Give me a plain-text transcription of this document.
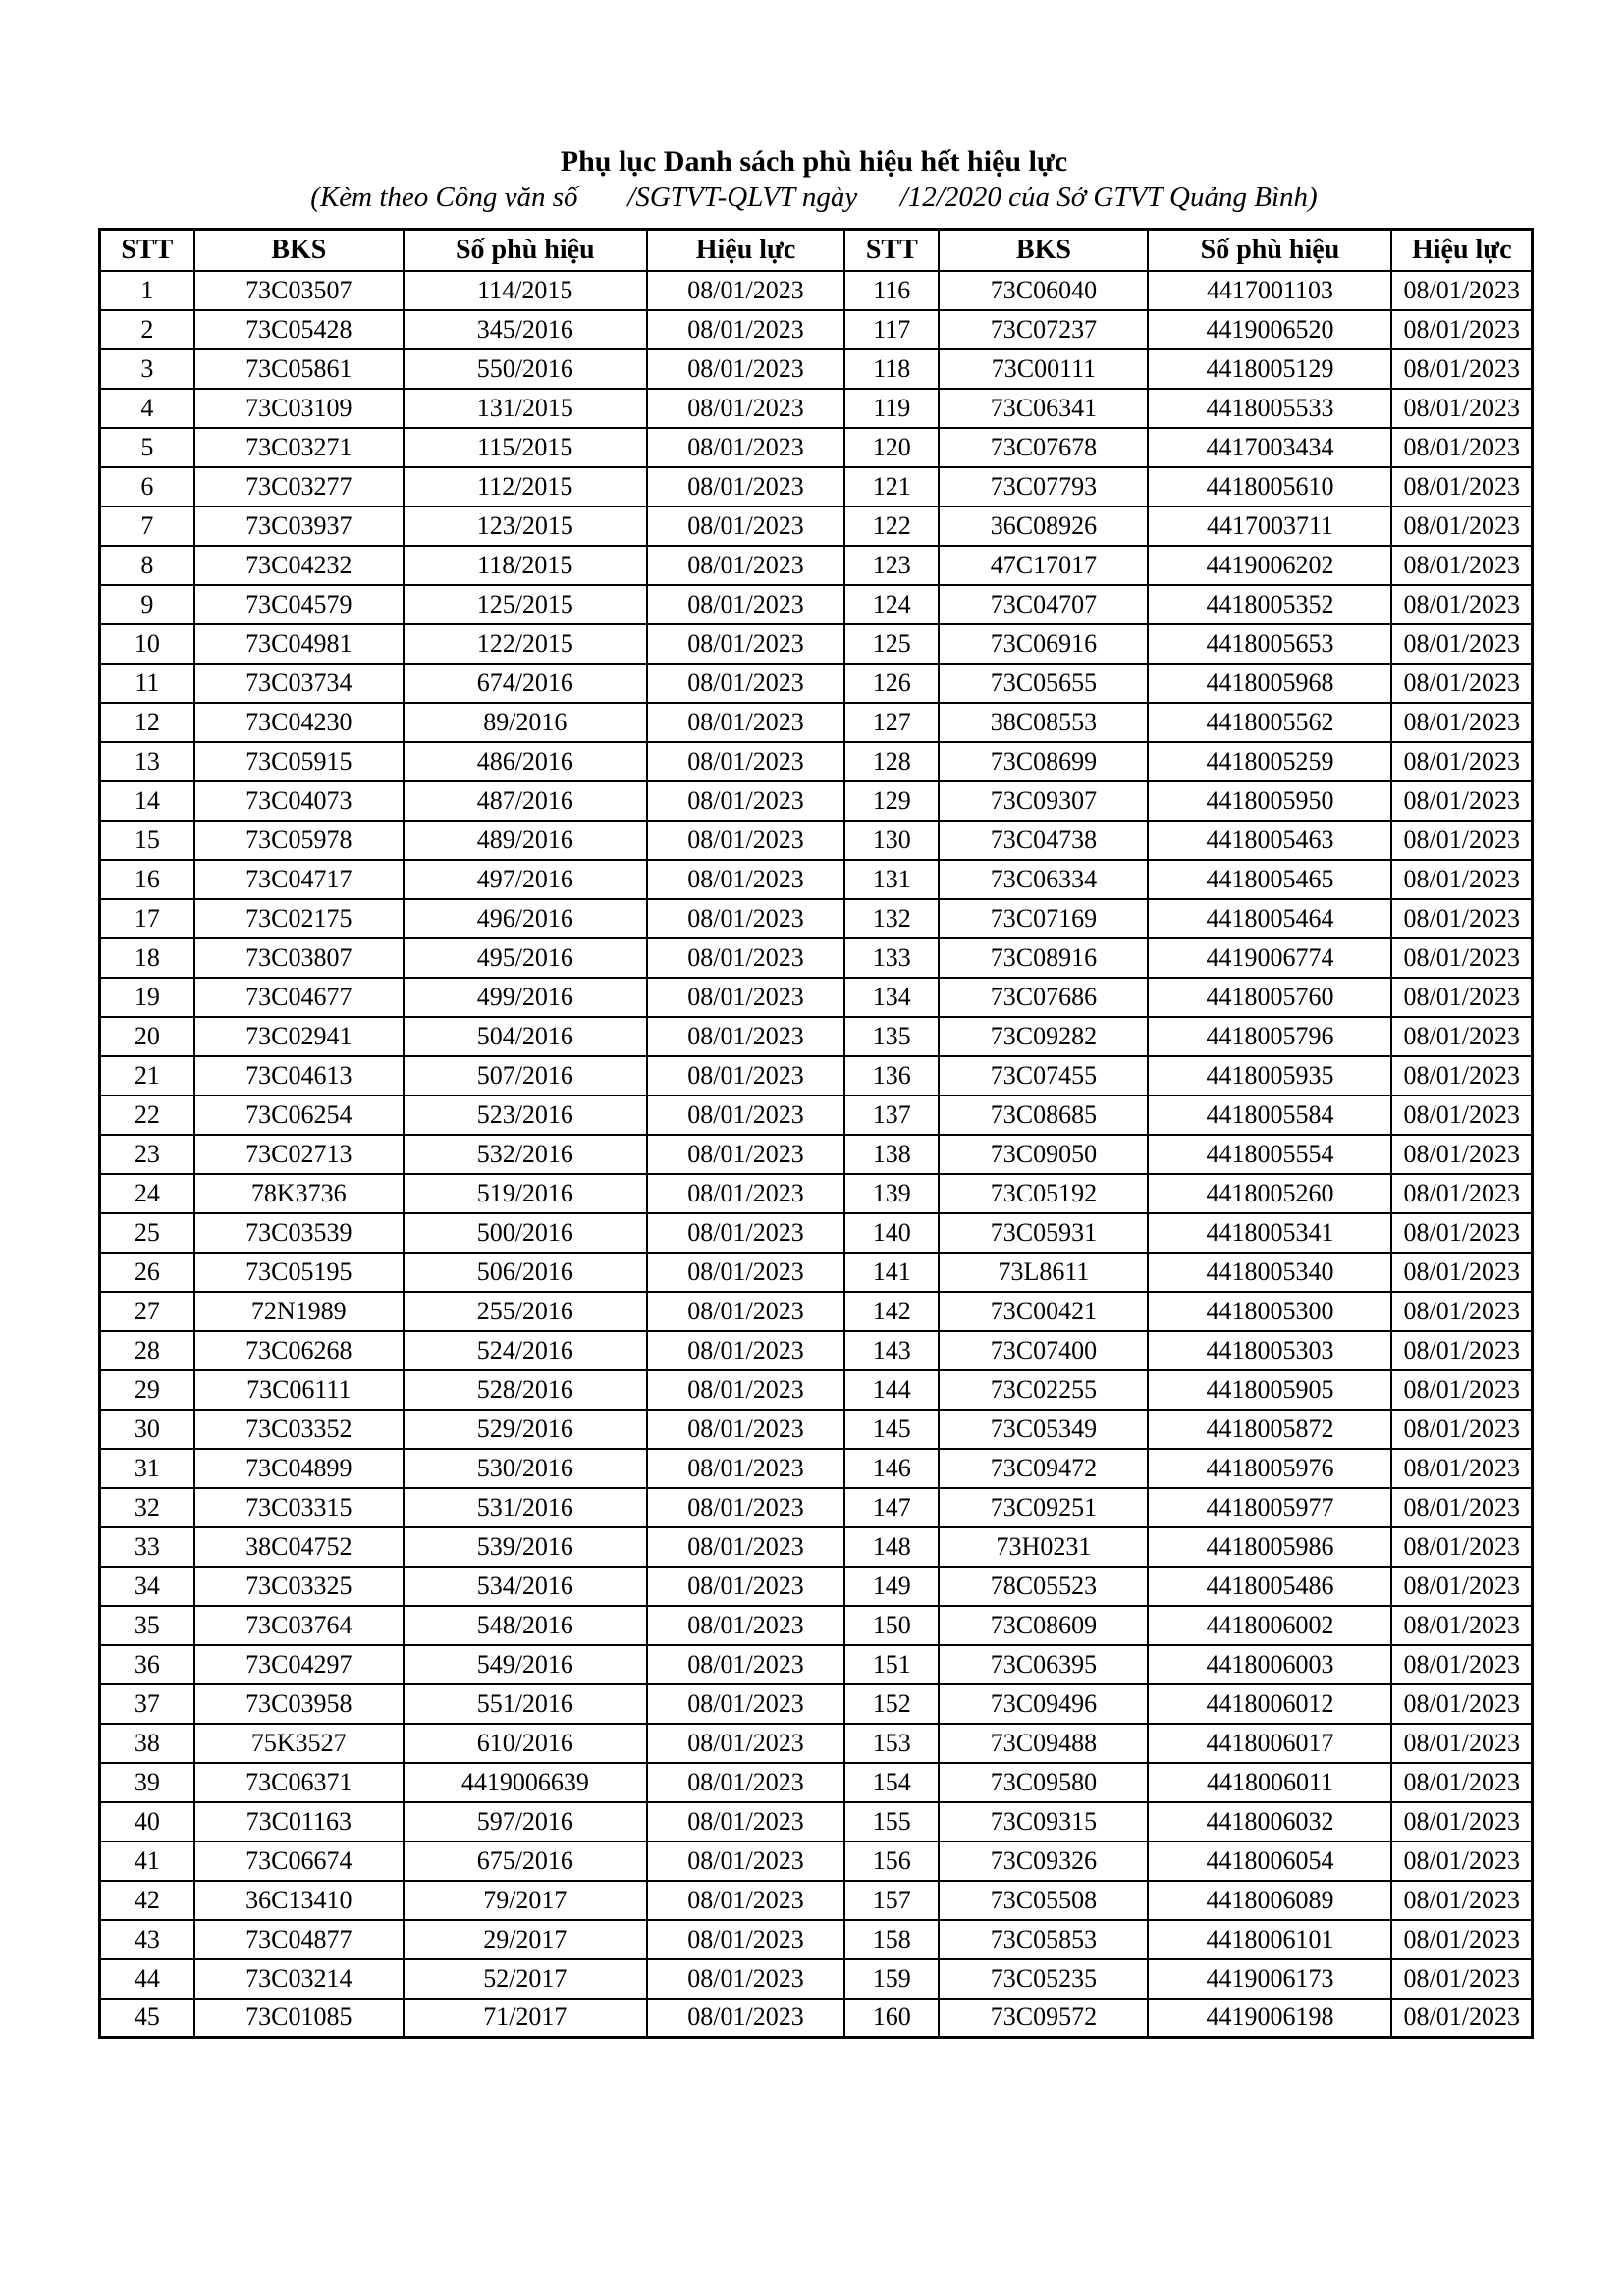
Phụ lục Danh sách phù hiệu hết hiệu lực
(Kèm theo Công văn số       /SGTVT-QLVT ngày      /12/2020 của Sở GTVT Quảng Bình)
STT	BKS	Số phù hiệu	Hiệu lực	STT	BKS	Số phù hiệu	Hiệu lực
1	73C03507	114/2015	08/01/2023	116	73C06040	4417001103	08/01/2023
2	73C05428	345/2016	08/01/2023	117	73C07237	4419006520	08/01/2023
3	73C05861	550/2016	08/01/2023	118	73C00111	4418005129	08/01/2023
4	73C03109	131/2015	08/01/2023	119	73C06341	4418005533	08/01/2023
5	73C03271	115/2015	08/01/2023	120	73C07678	4417003434	08/01/2023
6	73C03277	112/2015	08/01/2023	121	73C07793	4418005610	08/01/2023
7	73C03937	123/2015	08/01/2023	122	36C08926	4417003711	08/01/2023
8	73C04232	118/2015	08/01/2023	123	47C17017	4419006202	08/01/2023
9	73C04579	125/2015	08/01/2023	124	73C04707	4418005352	08/01/2023
10	73C04981	122/2015	08/01/2023	125	73C06916	4418005653	08/01/2023
11	73C03734	674/2016	08/01/2023	126	73C05655	4418005968	08/01/2023
12	73C04230	89/2016	08/01/2023	127	38C08553	4418005562	08/01/2023
13	73C05915	486/2016	08/01/2023	128	73C08699	4418005259	08/01/2023
14	73C04073	487/2016	08/01/2023	129	73C09307	4418005950	08/01/2023
15	73C05978	489/2016	08/01/2023	130	73C04738	4418005463	08/01/2023
16	73C04717	497/2016	08/01/2023	131	73C06334	4418005465	08/01/2023
17	73C02175	496/2016	08/01/2023	132	73C07169	4418005464	08/01/2023
18	73C03807	495/2016	08/01/2023	133	73C08916	4419006774	08/01/2023
19	73C04677	499/2016	08/01/2023	134	73C07686	4418005760	08/01/2023
20	73C02941	504/2016	08/01/2023	135	73C09282	4418005796	08/01/2023
21	73C04613	507/2016	08/01/2023	136	73C07455	4418005935	08/01/2023
22	73C06254	523/2016	08/01/2023	137	73C08685	4418005584	08/01/2023
23	73C02713	532/2016	08/01/2023	138	73C09050	4418005554	08/01/2023
24	78K3736	519/2016	08/01/2023	139	73C05192	4418005260	08/01/2023
25	73C03539	500/2016	08/01/2023	140	73C05931	4418005341	08/01/2023
26	73C05195	506/2016	08/01/2023	141	73L8611	4418005340	08/01/2023
27	72N1989	255/2016	08/01/2023	142	73C00421	4418005300	08/01/2023
28	73C06268	524/2016	08/01/2023	143	73C07400	4418005303	08/01/2023
29	73C06111	528/2016	08/01/2023	144	73C02255	4418005905	08/01/2023
30	73C03352	529/2016	08/01/2023	145	73C05349	4418005872	08/01/2023
31	73C04899	530/2016	08/01/2023	146	73C09472	4418005976	08/01/2023
32	73C03315	531/2016	08/01/2023	147	73C09251	4418005977	08/01/2023
33	38C04752	539/2016	08/01/2023	148	73H0231	4418005986	08/01/2023
34	73C03325	534/2016	08/01/2023	149	78C05523	4418005486	08/01/2023
35	73C03764	548/2016	08/01/2023	150	73C08609	4418006002	08/01/2023
36	73C04297	549/2016	08/01/2023	151	73C06395	4418006003	08/01/2023
37	73C03958	551/2016	08/01/2023	152	73C09496	4418006012	08/01/2023
38	75K3527	610/2016	08/01/2023	153	73C09488	4418006017	08/01/2023
39	73C06371	4419006639	08/01/2023	154	73C09580	4418006011	08/01/2023
40	73C01163	597/2016	08/01/2023	155	73C09315	4418006032	08/01/2023
41	73C06674	675/2016	08/01/2023	156	73C09326	4418006054	08/01/2023
42	36C13410	79/2017	08/01/2023	157	73C05508	4418006089	08/01/2023
43	73C04877	29/2017	08/01/2023	158	73C05853	4418006101	08/01/2023
44	73C03214	52/2017	08/01/2023	159	73C05235	4419006173	08/01/2023
45	73C01085	71/2017	08/01/2023	160	73C09572	4419006198	08/01/2023
